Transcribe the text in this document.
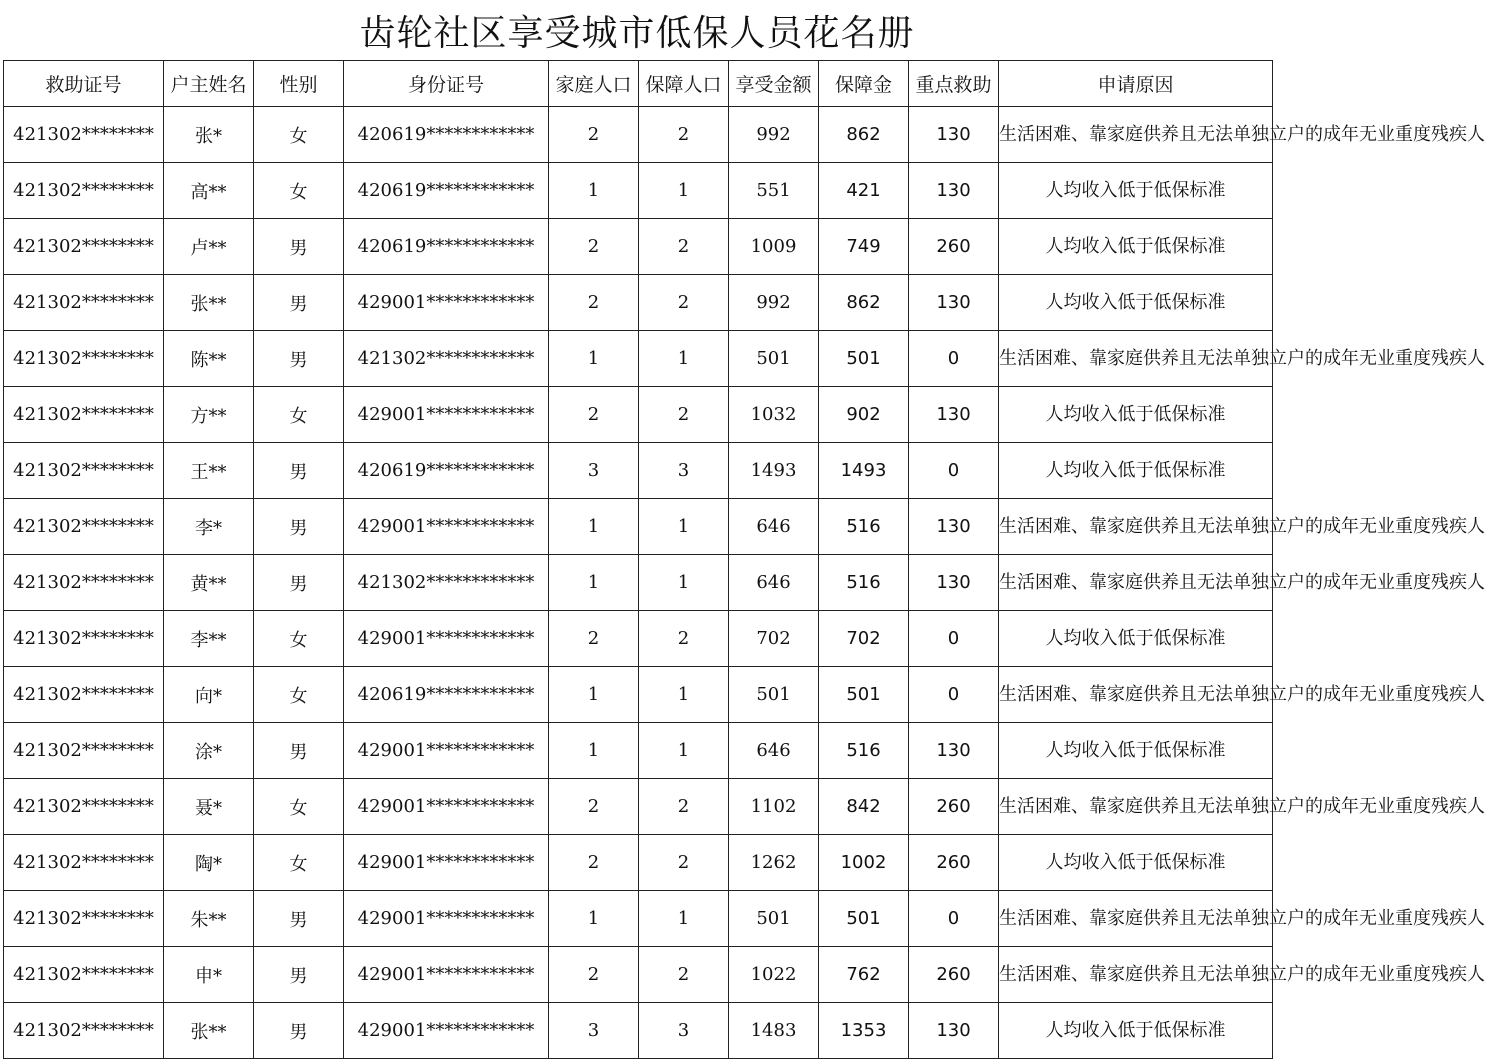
齿轮社区享受城市低保人员花名册
救助证号	户主姓名	性别	身份证号	家庭人口	保障人口	享受金额	保障金	重点救助	申请原因
421302********	张*	女	420619************	2	2	992	862	130	生活困难、靠家庭供养且无法单独立户的成年无业重度残疾人
421302********	高**	女	420619************	1	1	551	421	130	人均收入低于低保标准
421302********	卢**	男	420619************	2	2	1009	749	260	人均收入低于低保标准
421302********	张**	男	429001************	2	2	992	862	130	人均收入低于低保标准
421302********	陈**	男	421302************	1	1	501	501	0	生活困难、靠家庭供养且无法单独立户的成年无业重度残疾人
421302********	方**	女	429001************	2	2	1032	902	130	人均收入低于低保标准
421302********	王**	男	420619************	3	3	1493	1493	0	人均收入低于低保标准
421302********	李*	男	429001************	1	1	646	516	130	生活困难、靠家庭供养且无法单独立户的成年无业重度残疾人
421302********	黄**	男	421302************	1	1	646	516	130	生活困难、靠家庭供养且无法单独立户的成年无业重度残疾人
421302********	李**	女	429001************	2	2	702	702	0	人均收入低于低保标准
421302********	向*	女	420619************	1	1	501	501	0	生活困难、靠家庭供养且无法单独立户的成年无业重度残疾人
421302********	涂*	男	429001************	1	1	646	516	130	人均收入低于低保标准
421302********	聂*	女	429001************	2	2	1102	842	260	生活困难、靠家庭供养且无法单独立户的成年无业重度残疾人
421302********	陶*	女	429001************	2	2	1262	1002	260	人均收入低于低保标准
421302********	朱**	男	429001************	1	1	501	501	0	生活困难、靠家庭供养且无法单独立户的成年无业重度残疾人
421302********	申*	男	429001************	2	2	1022	762	260	生活困难、靠家庭供养且无法单独立户的成年无业重度残疾人
421302********	张**	男	429001************	3	3	1483	1353	130	人均收入低于低保标准
